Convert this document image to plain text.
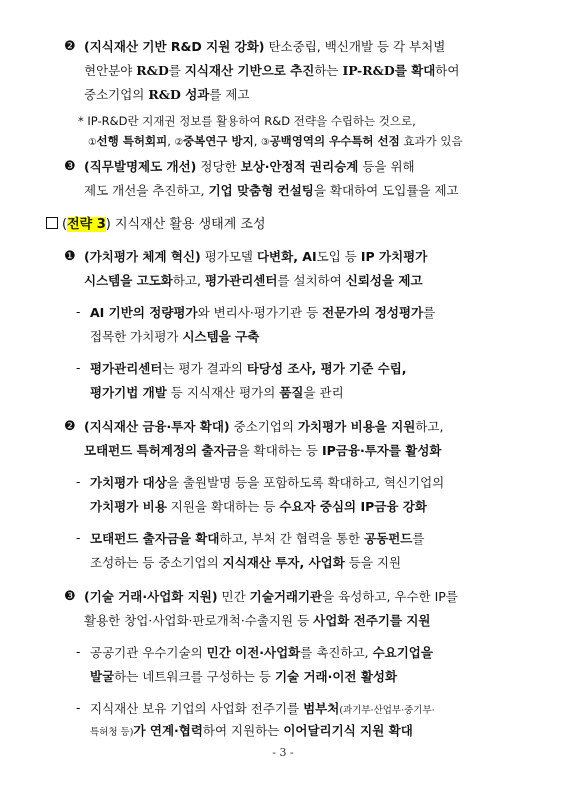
❷ (지식재산 기반 R&D 지원 강화) 탄소중립, 백신개발 등 각 부처별
현안분야 R&D를 지식재산 기반으로 추진하는 IP-R&D를 확대하여
중소기업의 R&D 성과를 제고
* IP-R&D란 지재권 정보를 활용하여 R&D 전략을 수립하는 것으로,
①선행 특허회피, ②중복연구 방지, ③공백영역의 우수특허 선점 효과가 있음
❸ (직무발명제도 개선) 정당한 보상·안정적 권리승계 등을 위해
제도 개선을 추진하고, 기업 맞춤형 컨설팅을 확대하여 도입률을 제고
(전략 3) 지식재산 활용 생태계 조성
❶ (가치평가 체계 혁신) 평가모델 다변화, AI도입 등 IP 가치평가
시스템을 고도화하고, 평가관리센터를 설치하여 신뢰성을 제고
- AI 기반의 정량평가와 변리사·평가기관 등 전문가의 정성평가를
접목한 가치평가 시스템을 구축
- 평가관리센터는 평가 결과의 타당성 조사, 평가 기준 수립,
평가기법 개발 등 지식재산 평가의 품질을 관리
❷ (지식재산 금융·투자 확대) 중소기업의 가치평가 비용을 지원하고,
모태펀드 특허계정의 출자금을 확대하는 등 IP금융·투자를 활성화
- 가치평가 대상을 출원발명 등을 포함하도록 확대하고, 혁신기업의
가치평가 비용 지원을 확대하는 등 수요자 중심의 IP금융 강화
- 모태펀드 출자금을 확대하고, 부처 간 협력을 통한 공동펀드를
조성하는 등 중소기업의 지식재산 투자, 사업화 등을 지원
❸ (기술 거래·사업화 지원) 민간 기술거래기관을 육성하고, 우수한 IP를
활용한 창업·사업화·판로개척·수출지원 등 사업화 전주기를 지원
- 공공기관 우수기술의 민간 이전·사업화를 촉진하고, 수요기업을
발굴하는 네트워크를 구성하는 등 기술 거래·이전 활성화
- 지식재산 보유 기업의 사업화 전주기를 범부처(과기부·산업부·중기부·
특허청 등)가 연계·협력하여 지원하는 이어달리기식 지원 확대
- 3 -
